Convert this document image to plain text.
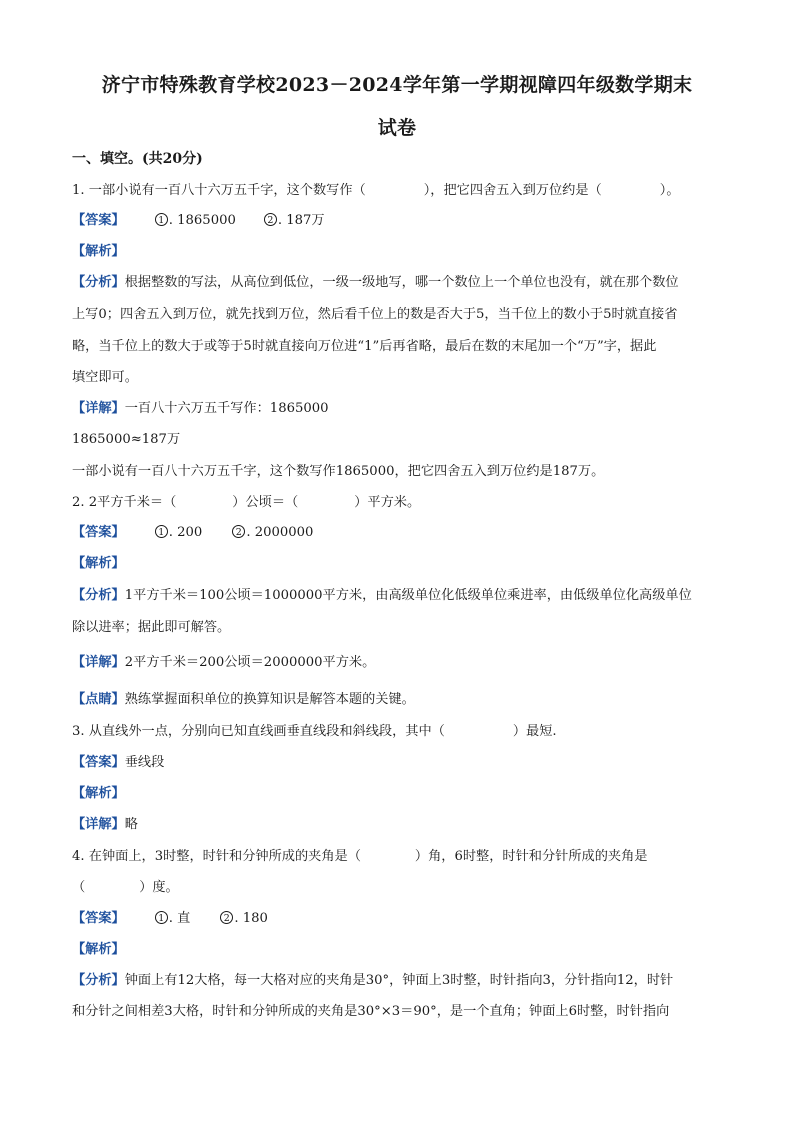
济宁市特殊教育学校2023－2024学年第一学期视障四年级数学期末
试卷
一、填空。(共20分)
1. 一部小说有一百八十六万五千字，这个数写作（	），把它四舍五入到万位约是（	）。
【答案】	1 . 1865000	2 . 187万
【解析】
【分析】根据整数的写法，从高位到低位，一级一级地写，哪一个数位上一个单位也没有，就在那个数位
上写0；四舍五入到万位，就先找到万位，然后看千位上的数是否大于5，当千位上的数小于5时就直接省
略，当千位上的数大于或等于5时就直接向万位进“1”后再省略，最后在数的末尾加一个“万”字，据此
填空即可。
【详解】一百八十六万五千写作：1865000
1865000≈187万
一部小说有一百八十六万五千字，这个数写作1865000，把它四舍五入到万位约是187万。
2. 2平方千米＝（	）公顷＝（	）平方米。
【答案】	1 . 200	2 . 2000000
【解析】
【分析】1平方千米＝100公顷＝1000000平方米，由高级单位化低级单位乘进率，由低级单位化高级单位
除以进率；据此即可解答。
【详解】2平方千米＝200公顷＝2000000平方米。
【点睛】熟练掌握面积单位的换算知识是解答本题的关键。
3. 从直线外一点，分别向已知直线画垂直线段和斜线段，其中（	）最短.
【答案】垂线段
【解析】
【详解】略
4. 在钟面上，3时整，时针和分钟所成的夹角是（	）角，6时整，时针和分针所成的夹角是
（	）度。
【答案】	1 . 直	2 . 180
【解析】
【分析】钟面上有12大格，每一大格对应的夹角是30°，钟面上3时整，时针指向3，分针指向12，时针
和分针之间相差3大格，时针和分钟所成的夹角是30°×3＝90°，是一个直角；钟面上6时整，时针指向
